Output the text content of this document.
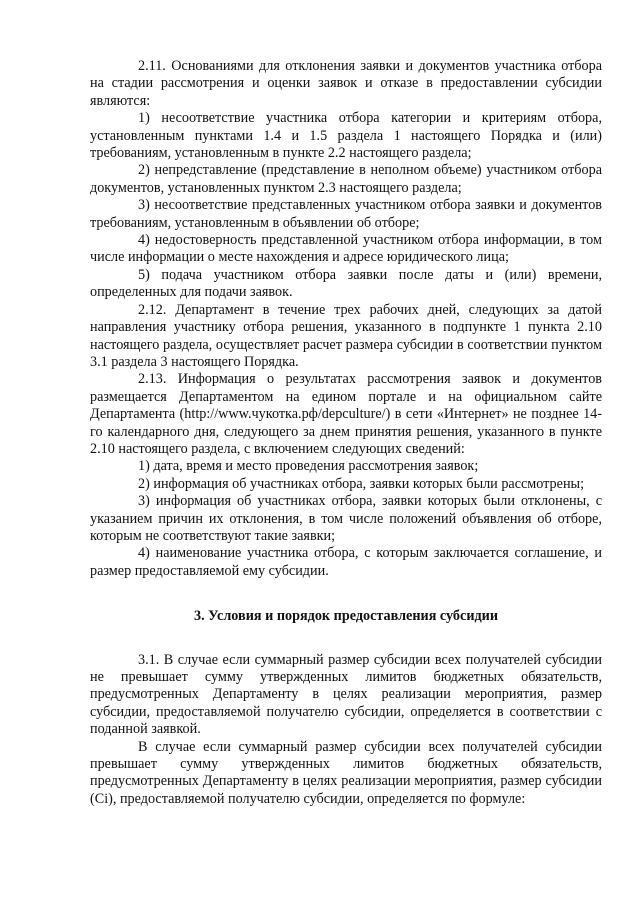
2.11. Основаниями для отклонения заявки и документов участника отбора на стадии рассмотрения и оценки заявок и отказе в предоставлении субсидии являются:

1) несоответствие участника отбора категории и критериям отбора, установленным пунктами 1.4 и 1.5 раздела 1 настоящего Порядка и (или) требованиям, установленным в пункте 2.2 настоящего раздела;

2) непредставление (представление в неполном объеме) участником отбора документов, установленных пунктом 2.3 настоящего раздела;

3) несоответствие представленных участником отбора заявки и документов требованиям, установленным в объявлении об отборе;

4) недостоверность представленной участником отбора информации, в том числе информации о месте нахождения и адресе юридического лица;

5) подача участником отбора заявки после даты и (или) времени, определенных для подачи заявок.

2.12. Департамент в течение трех рабочих дней, следующих за датой направления участнику отбора решения, указанного в подпункте 1 пункта 2.10 настоящего раздела, осуществляет расчет размера субсидии в соответствии пунктом 3.1 раздела 3 настоящего Порядка.

2.13. Информация о результатах рассмотрения заявок и документов размещается Департаментом на едином портале и на официальном сайте Департамента (http://www.чукотка.рф/depculture/) в сети «Интернет» не позднее 14-го календарного дня, следующего за днем принятия решения, указанного в пункте 2.10 настоящего раздела, с включением следующих сведений:

1) дата, время и место проведения рассмотрения заявок;

2) информация об участниках отбора, заявки которых были рассмотрены;

3) информация об участниках отбора, заявки которых были отклонены, с указанием причин их отклонения, в том числе положений объявления об отборе, которым не соответствуют такие заявки;

4) наименование участника отбора, с которым заключается соглашение, и размер предоставляемой ему субсидии.

3. Условия и порядок предоставления субсидии

3.1. В случае если суммарный размер субсидии всех получателей субсидии не превышает сумму утвержденных лимитов бюджетных обязательств, предусмотренных Департаменту в целях реализации мероприятия, размер субсидии, предоставляемой получателю субсидии, определяется в соответствии с поданной заявкой.

В случае если суммарный размер субсидии всех получателей субсидии превышает сумму утвержденных лимитов бюджетных обязательств, предусмотренных Департаменту в целях реализации мероприятия, размер субсидии (Ci), предоставляемой получателю субсидии, определяется по формуле:
